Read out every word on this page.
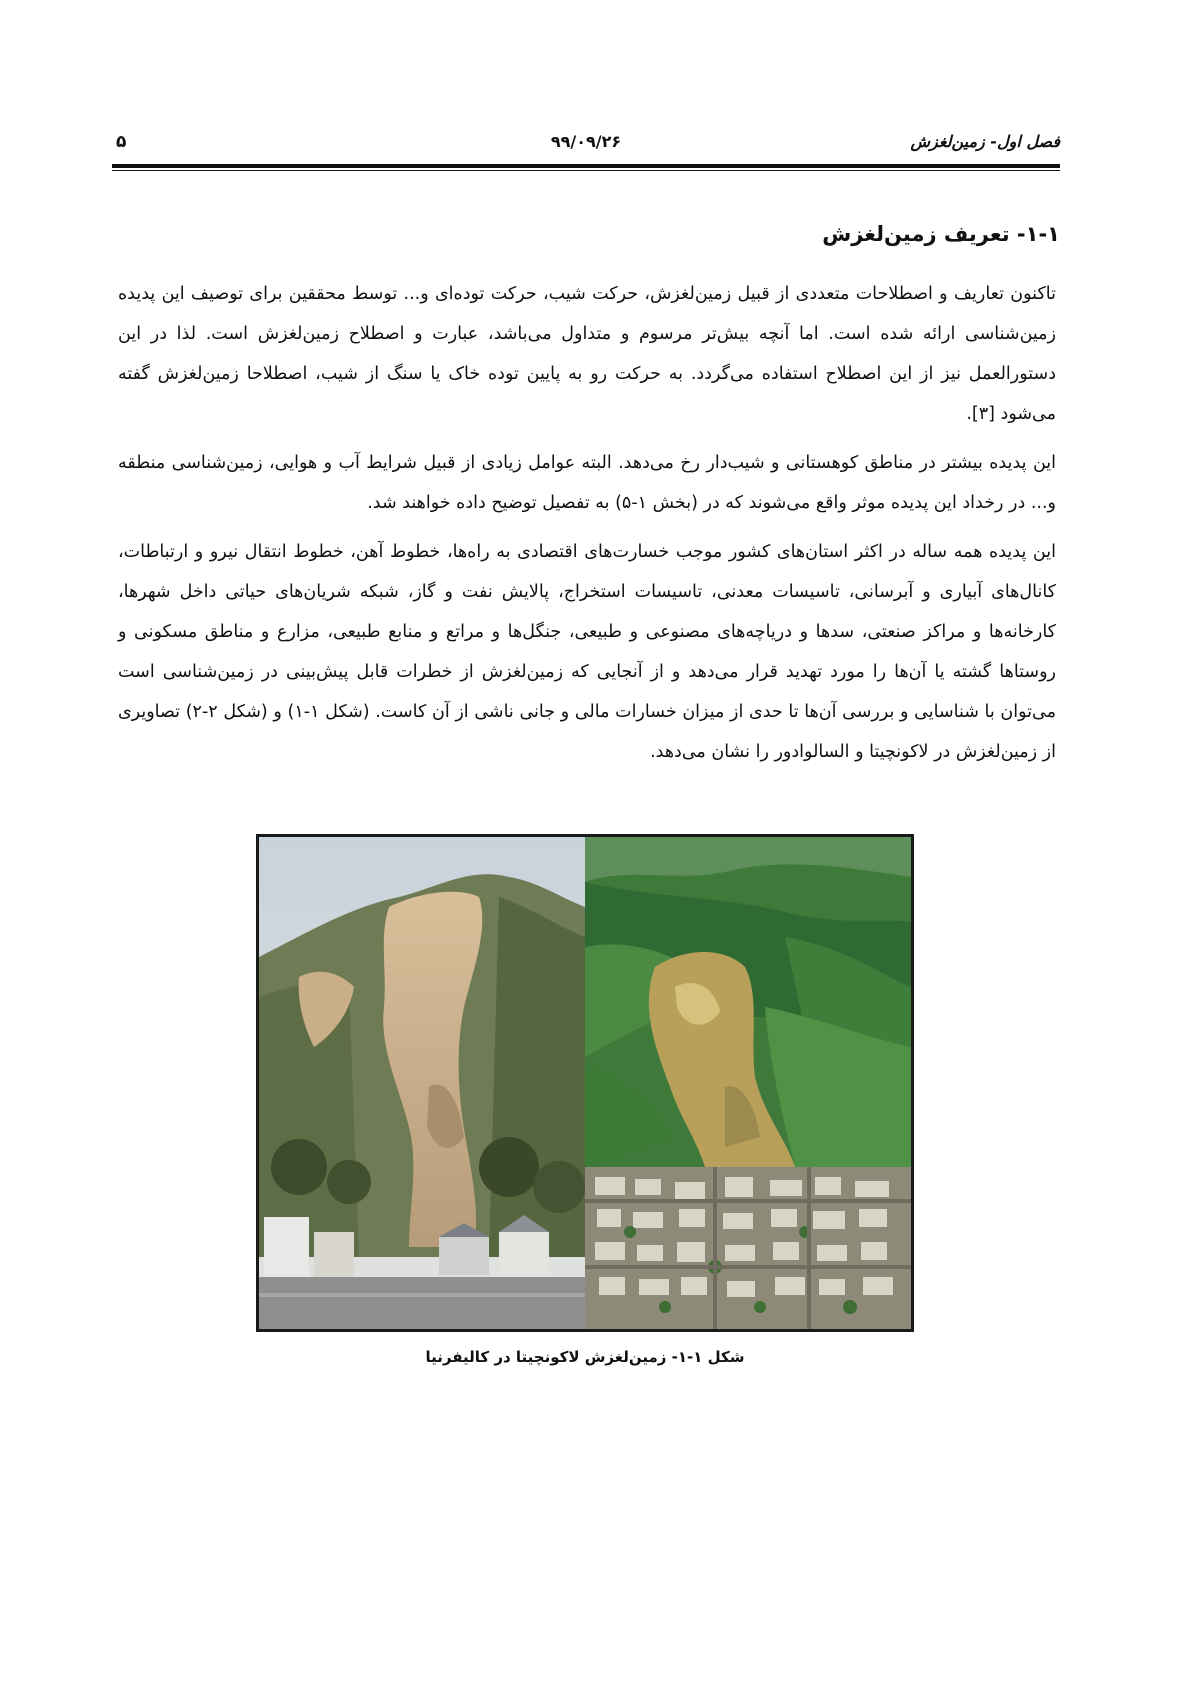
فصل اول- زمین‌لغزش
۹۹/۰۹/۲۶
۵
۱-۱- تعریف زمین‌لغزش

تاکنون تعاریف و اصطلاحات متعددی از قبیل زمین‌لغزش، حرکت شیب، حرکت توده‌ای و... توسط محققین برای توصیف این پدیده زمین‌شناسی ارائه شده است. اما آنچه بیش‌تر مرسوم و متداول می‌باشد، عبارت و اصطلاح زمین‌لغزش است. لذا در این دستورالعمل نیز از این اصطلاح استفاده می‌گردد. به حرکت رو به پایین توده خاک یا سنگ از شیب، اصطلاحا زمین‌لغزش گفته می‌شود [۳].

این پدیده بیشتر در مناطق کوهستانی و شیب‌دار رخ می‌دهد. البته عوامل زیادی از قبیل شرایط آب و هوایی، زمین‌شناسی منطقه و... در رخداد این پدیده موثر واقع می‌شوند که در (بخش ۱-۵) به تفصیل توضیح داده خواهند شد.

این پدیده همه ساله در اکثر استان‌های کشور موجب خسارت‌های اقتصادی به راه‌ها، خطوط آهن، خطوط انتقال نیرو و ارتباطات، کانال‌های آبیاری و آبرسانی، تاسیسات معدنی، تاسیسات استخراج، پالایش نفت و گاز، شبکه شریان‌های حیاتی داخل شهرها، کارخانه‌ها و مراکز صنعتی، سدها و دریاچه‌های مصنوعی و طبیعی، جنگل‌ها و مراتع و منابع طبیعی، مزارع و مناطق مسکونی و روستاها گشته یا آن‌ها را مورد تهدید قرار می‌دهد و از آنجایی که زمین‌لغزش از خطرات قابل پیش‌بینی در زمین‌شناسی است می‌توان با شناسایی و بررسی آن‌ها تا حدی از میزان خسارات مالی و جانی ناشی از آن کاست. (شکل ۱-۱) و (شکل ۲-۲) تصاویری از زمین‌لغزش در لاکونچیتا و السالوادور را نشان می‌دهد.

شکل ۱-۱- زمین‌لغزش لاکونچیتا در کالیفرنیا
